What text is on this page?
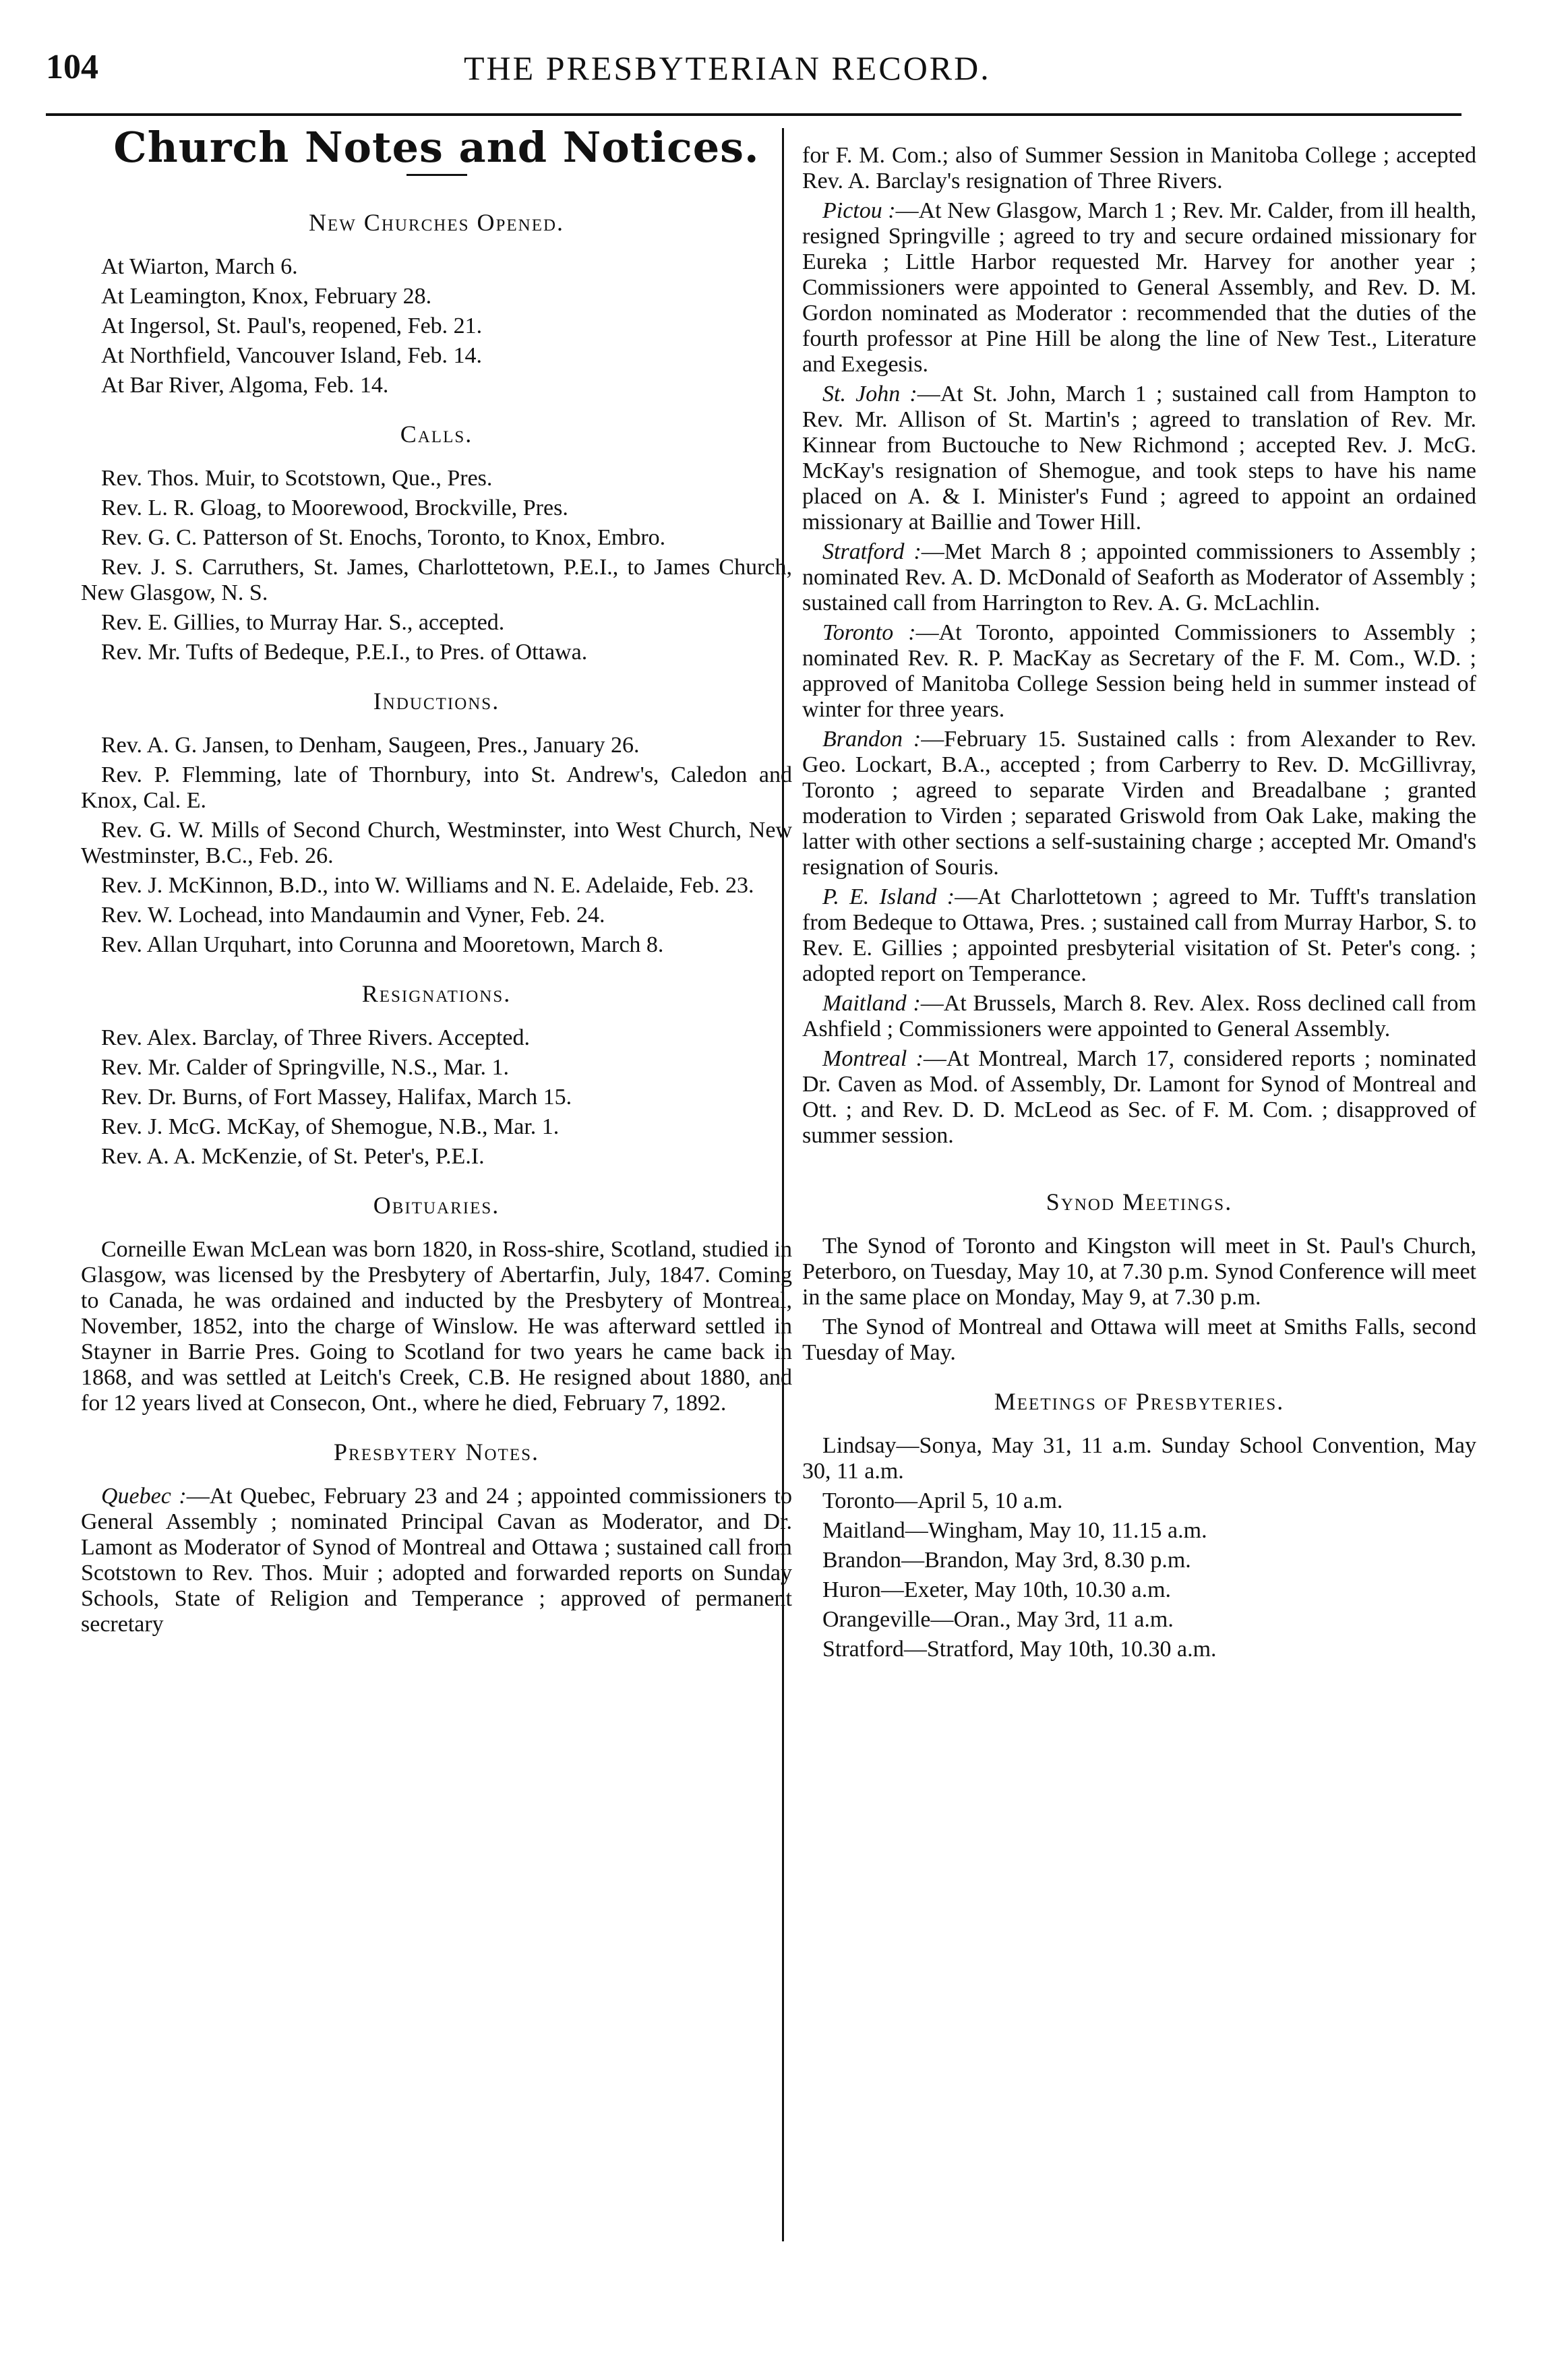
104	THE PRESBYTERIAN RECORD.
Church Notes and Notices.
New Churches Opened.
At Wiarton, March 6.
At Leamington, Knox, February 28.
At Ingersol, St. Paul's, reopened, Feb. 21.
At Northfield, Vancouver Island, Feb. 14.
At Bar River, Algoma, Feb. 14.
Calls.
Rev. Thos. Muir, to Scotstown, Que., Pres.
Rev. L. R. Gloag, to Moorewood, Brockville, Pres.
Rev. G. C. Patterson of St. Enochs, Toronto, to Knox, Embro.
Rev. J. S. Carruthers, St. James, Charlottetown, P.E.I., to James Church, New Glasgow, N. S.
Rev. E. Gillies, to Murray Har. S., accepted.
Rev. Mr. Tufts of Bedeque, P.E.I., to Pres. of Ottawa.
Inductions.
Rev. A. G. Jansen, to Denham, Saugeen, Pres., January 26.
Rev. P. Flemming, late of Thornbury, into St. Andrew's, Caledon and Knox, Cal. E.
Rev. G. W. Mills of Second Church, Westminster, into West Church, New Westminster, B.C., Feb. 26.
Rev. J. McKinnon, B.D., into W. Williams and N. E. Adelaide, Feb. 23.
Rev. W. Lochead, into Mandaumin and Vyner, Feb. 24.
Rev. Allan Urquhart, into Corunna and Mooretown, March 8.
Resignations.
Rev. Alex. Barclay, of Three Rivers. Accepted.
Rev. Mr. Calder of Springville, N.S., Mar. 1.
Rev. Dr. Burns, of Fort Massey, Halifax, March 15.
Rev. J. McG. McKay, of Shemogue, N.B., Mar. 1.
Rev. A. A. McKenzie, of St. Peter's, P.E.I.
Obituaries.
Corneille Ewan McLean was born 1820, in Ross-shire, Scotland, studied in Glasgow, was licensed by the Presbytery of Abertarfin, July, 1847. Coming to Canada, he was ordained and inducted by the Presbytery of Montreal, November, 1852, into the charge of Winslow. He was afterward settled in Stayner in Barrie Pres. Going to Scotland for two years he came back in 1868, and was settled at Leitch's Creek, C.B. He resigned about 1880, and for 12 years lived at Consecon, Ont., where he died, February 7, 1892.
Presbytery Notes.
Quebec :—At Quebec, February 23 and 24 ; appointed commissioners to General Assembly ; nominated Principal Cavan as Moderator, and Dr. Lamont as Moderator of Synod of Montreal and Ottawa ; sustained call from Scotstown to Rev. Thos. Muir ; adopted and forwarded reports on Sunday Schools, State of Religion and Temperance ; approved of permanent secretary
for F. M. Com.; also of Summer Session in Manitoba College ; accepted Rev. A. Barclay's resignation of Three Rivers.
Pictou :—At New Glasgow, March 1 ; Rev. Mr. Calder, from ill health, resigned Springville ; agreed to try and secure ordained missionary for Eureka ; Little Harbor requested Mr. Harvey for another year ; Commissioners were appointed to General Assembly, and Rev. D. M. Gordon nominated as Moderator : recommended that the duties of the fourth professor at Pine Hill be along the line of New Test., Literature and Exegesis.
St. John :—At St. John, March 1 ; sustained call from Hampton to Rev. Mr. Allison of St. Martin's ; agreed to translation of Rev. Mr. Kinnear from Buctouche to New Richmond ; accepted Rev. J. McG. McKay's resignation of Shemogue, and took steps to have his name placed on A. & I. Minister's Fund ; agreed to appoint an ordained missionary at Baillie and Tower Hill.
Stratford :—Met March 8 ; appointed commissioners to Assembly ; nominated Rev. A. D. McDonald of Seaforth as Moderator of Assembly ; sustained call from Harrington to Rev. A. G. McLachlin.
Toronto :—At Toronto, appointed Commissioners to Assembly ; nominated Rev. R. P. MacKay as Secretary of the F. M. Com., W.D. ; approved of Manitoba College Session being held in summer instead of winter for three years.
Brandon :—February 15. Sustained calls : from Alexander to Rev. Geo. Lockart, B.A., accepted ; from Carberry to Rev. D. McGillivray, Toronto ; agreed to separate Virden and Breadalbane ; granted moderation to Virden ; separated Griswold from Oak Lake, making the latter with other sections a self-sustaining charge ; accepted Mr. Omand's resignation of Souris.
P. E. Island :—At Charlottetown ; agreed to Mr. Tufft's translation from Bedeque to Ottawa, Pres. ; sustained call from Murray Harbor, S. to Rev. E. Gillies ; appointed presbyterial visitation of St. Peter's cong. ; adopted report on Temperance.
Maitland :—At Brussels, March 8. Rev. Alex. Ross declined call from Ashfield ; Commissioners were appointed to General Assembly.
Montreal :—At Montreal, March 17, considered reports ; nominated Dr. Caven as Mod. of Assembly, Dr. Lamont for Synod of Montreal and Ott. ; and Rev. D. D. McLeod as Sec. of F. M. Com. ; disapproved of summer session.
Synod Meetings.
The Synod of Toronto and Kingston will meet in St. Paul's Church, Peterboro, on Tuesday, May 10, at 7.30 p.m. Synod Conference will meet in the same place on Monday, May 9, at 7.30 p.m.
The Synod of Montreal and Ottawa will meet at Smiths Falls, second Tuesday of May.
Meetings of Presbyteries.
Lindsay—Sonya, May 31, 11 a.m. Sunday School Convention, May 30, 11 a.m.
Toronto—April 5, 10 a.m.
Maitland—Wingham, May 10, 11.15 a.m.
Brandon—Brandon, May 3rd, 8.30 p.m.
Huron—Exeter, May 10th, 10.30 a.m.
Orangeville—Oran., May 3rd, 11 a.m.
Stratford—Stratford, May 10th, 10.30 a.m.
